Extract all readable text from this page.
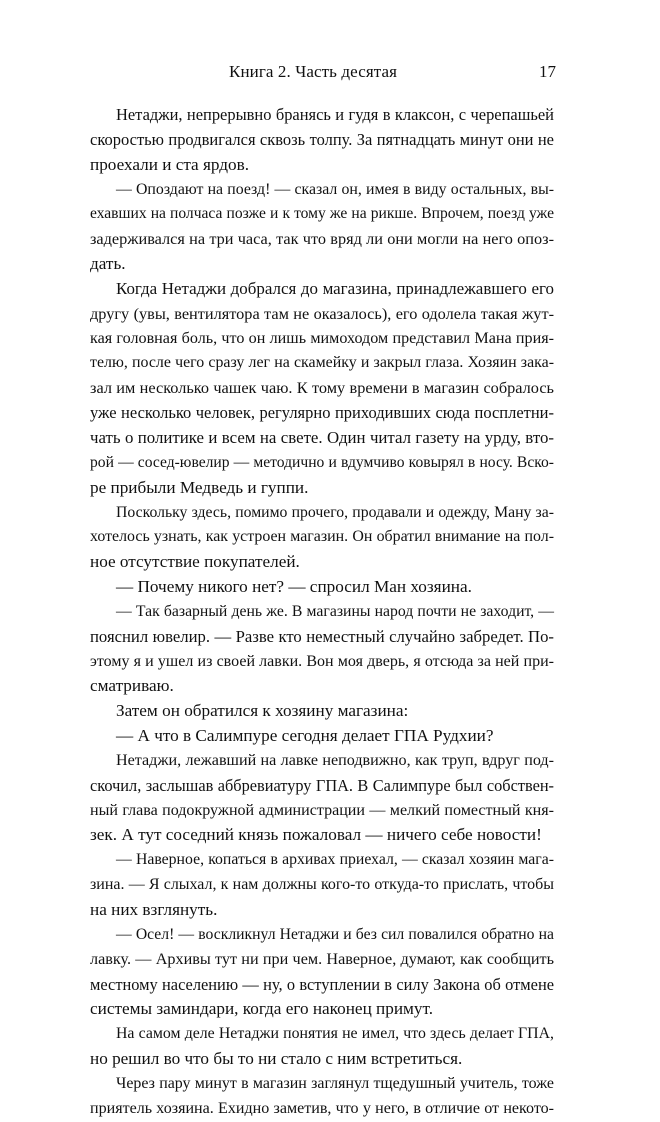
Книга 2. Часть десятая	17
Нетаджи, непрерывно бранясь и гудя в клаксон, с черепашьей
скоростью продвигался сквозь толпу. За пятнадцать минут они не
проехали и ста ярдов.
— Опоздают на поезд! — сказал он, имея в виду остальных, вы-
ехавших на полчаса позже и к тому же на рикше. Впрочем, поезд уже
задерживался на три часа, так что вряд ли они могли на него опоз-
дать.
Когда Нетаджи добрался до магазина, принадлежавшего его
другу (увы, вентилятора там не оказалось), его одолела такая жут-
кая головная боль, что он лишь мимоходом представил Мана прия-
телю, после чего сразу лег на скамейку и закрыл глаза. Хозяин зака-
зал им несколько чашек чаю. К тому времени в магазин собралось
уже несколько человек, регулярно приходивших сюда посплетни-
чать о политике и всем на свете. Один читал газету на урду, вто-
рой — сосед-ювелир — методично и вдумчиво ковырял в носу. Вско-
ре прибыли Медведь и гуппи.
Поскольку здесь, помимо прочего, продавали и одежду, Ману за-
хотелось узнать, как устроен магазин. Он обратил внимание на пол-
ное отсутствие покупателей.
— Почему никого нет? — спросил Ман хозяина.
— Так базарный день же. В магазины народ почти не заходит, —
пояснил ювелир. — Разве кто неместный случайно забредет. По-
этому я и ушел из своей лавки. Вон моя дверь, я отсюда за ней при-
сматриваю.
Затем он обратился к хозяину магазина:
— А что в Салимпуре сегодня делает ГПА Рудхии?
Нетаджи, лежавший на лавке неподвижно, как труп, вдруг под-
скочил, заслышав аббревиатуру ГПА. В Салимпуре был собствен-
ный глава подокружной администрации — мелкий поместный кня-
зек. А тут соседний князь пожаловал — ничего себе новости!
— Наверное, копаться в архивах приехал, — сказал хозяин мага-
зина. — Я слыхал, к нам должны кого-то откуда-то прислать, чтобы
на них взглянуть.
— Осел! — воскликнул Нетаджи и без сил повалился обратно на
лавку. — Архивы тут ни при чем. Наверное, думают, как сообщить
местному населению — ну, о вступлении в силу Закона об отмене
системы заминдари, когда его наконец примут.
На самом деле Нетаджи понятия не имел, что здесь делает ГПА,
но решил во что бы то ни стало с ним встретиться.
Через пару минут в магазин заглянул тщедушный учитель, тоже
приятель хозяина. Ехидно заметив, что у него, в отличие от некото-
